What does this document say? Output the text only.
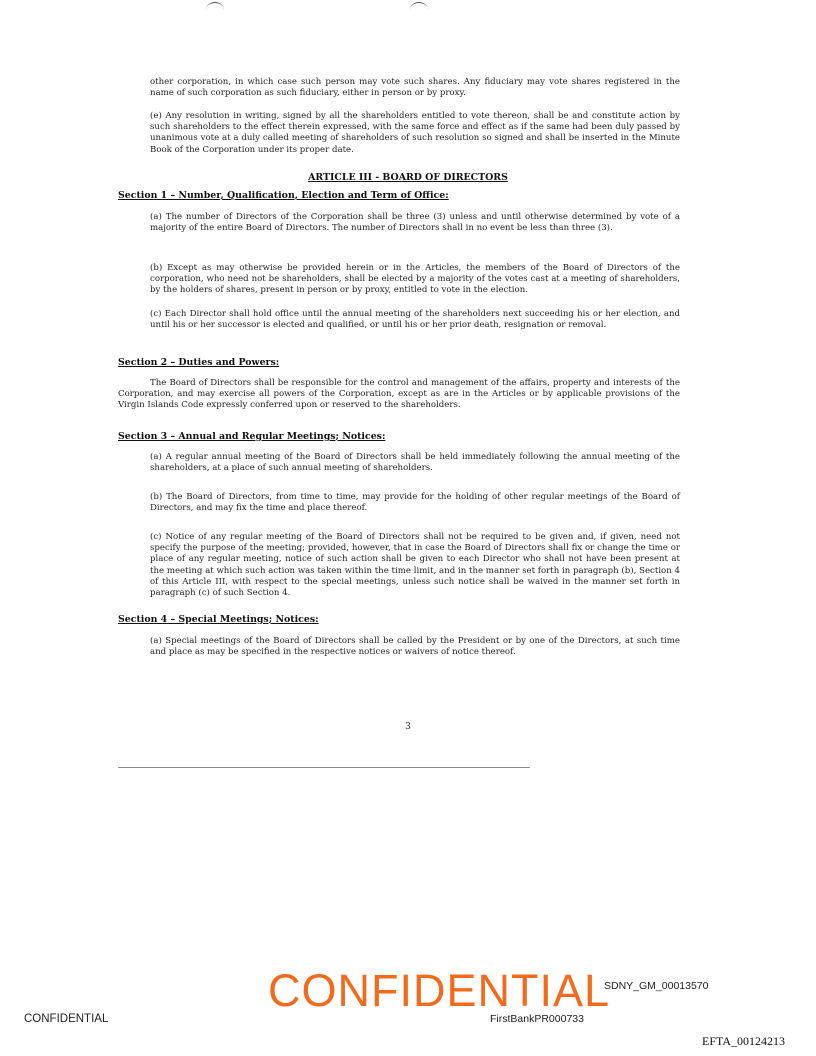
other corporation, in which case such person may vote such shares. Any fiduciary may vote shares registered in the name of such corporation as such fiduciary, either in person or by proxy.
(e) Any resolution in writing, signed by all the shareholders entitled to vote thereon, shall be and constitute action by such shareholders to the effect therein expressed, with the same force and effect as if the same had been duly passed by unanimous vote at a duly called meeting of shareholders of such resolution so signed and shall be inserted in the Minute Book of the Corporation under its proper date.
ARTICLE III - BOARD OF DIRECTORS
Section 1 – Number, Qualification, Election and Term of Office:
(a) The number of Directors of the Corporation shall be three (3) unless and until otherwise determined by vote of a majority of the entire Board of Directors. The number of Directors shall in no event be less than three (3).
(b) Except as may otherwise be provided herein or in the Articles, the members of the Board of Directors of the corporation, who need not be shareholders, shall be elected by a majority of the votes cast at a meeting of shareholders, by the holders of shares, present in person or by proxy, entitled to vote in the election.
(c) Each Director shall hold office until the annual meeting of the shareholders next succeeding his or her election, and until his or her successor is elected and qualified, or until his or her prior death, resignation or removal.
Section 2 – Duties and Powers:
The Board of Directors shall be responsible for the control and management of the affairs, property and interests of the Corporation, and may exercise all powers of the Corporation, except as are in the Articles or by applicable provisions of the Virgin Islands Code expressly conferred upon or reserved to the shareholders.
Section 3 – Annual and Regular Meetings; Notices:
(a) A regular annual meeting of the Board of Directors shall be held immediately following the annual meeting of the shareholders, at a place of such annual meeting of shareholders.
(b) The Board of Directors, from time to time, may provide for the holding of other regular meetings of the Board of Directors, and may fix the time and place thereof.
(c) Notice of any regular meeting of the Board of Directors shall not be required to be given and, if given, need not specify the purpose of the meeting; provided, however, that in case the Board of Directors shall fix or change the time or place of any regular meeting, notice of such action shall be given to each Director who shall not have been present at the meeting at which such action was taken within the time limit, and in the manner set forth in paragraph (b), Section 4 of this Article III, with respect to the special meetings, unless such notice shall be waived in the manner set forth in paragraph (c) of such Section 4.
Section 4 – Special Meetings; Notices:
(a) Special meetings of the Board of Directors shall be called by the President or by one of the Directors, at such time and place as may be specified in the respective notices or waivers of notice thereof.
3
SDNY_GM_00013570
CONFIDENTIAL
CONFIDENTIAL	FirstBankPR000733
EFTA_00124213
